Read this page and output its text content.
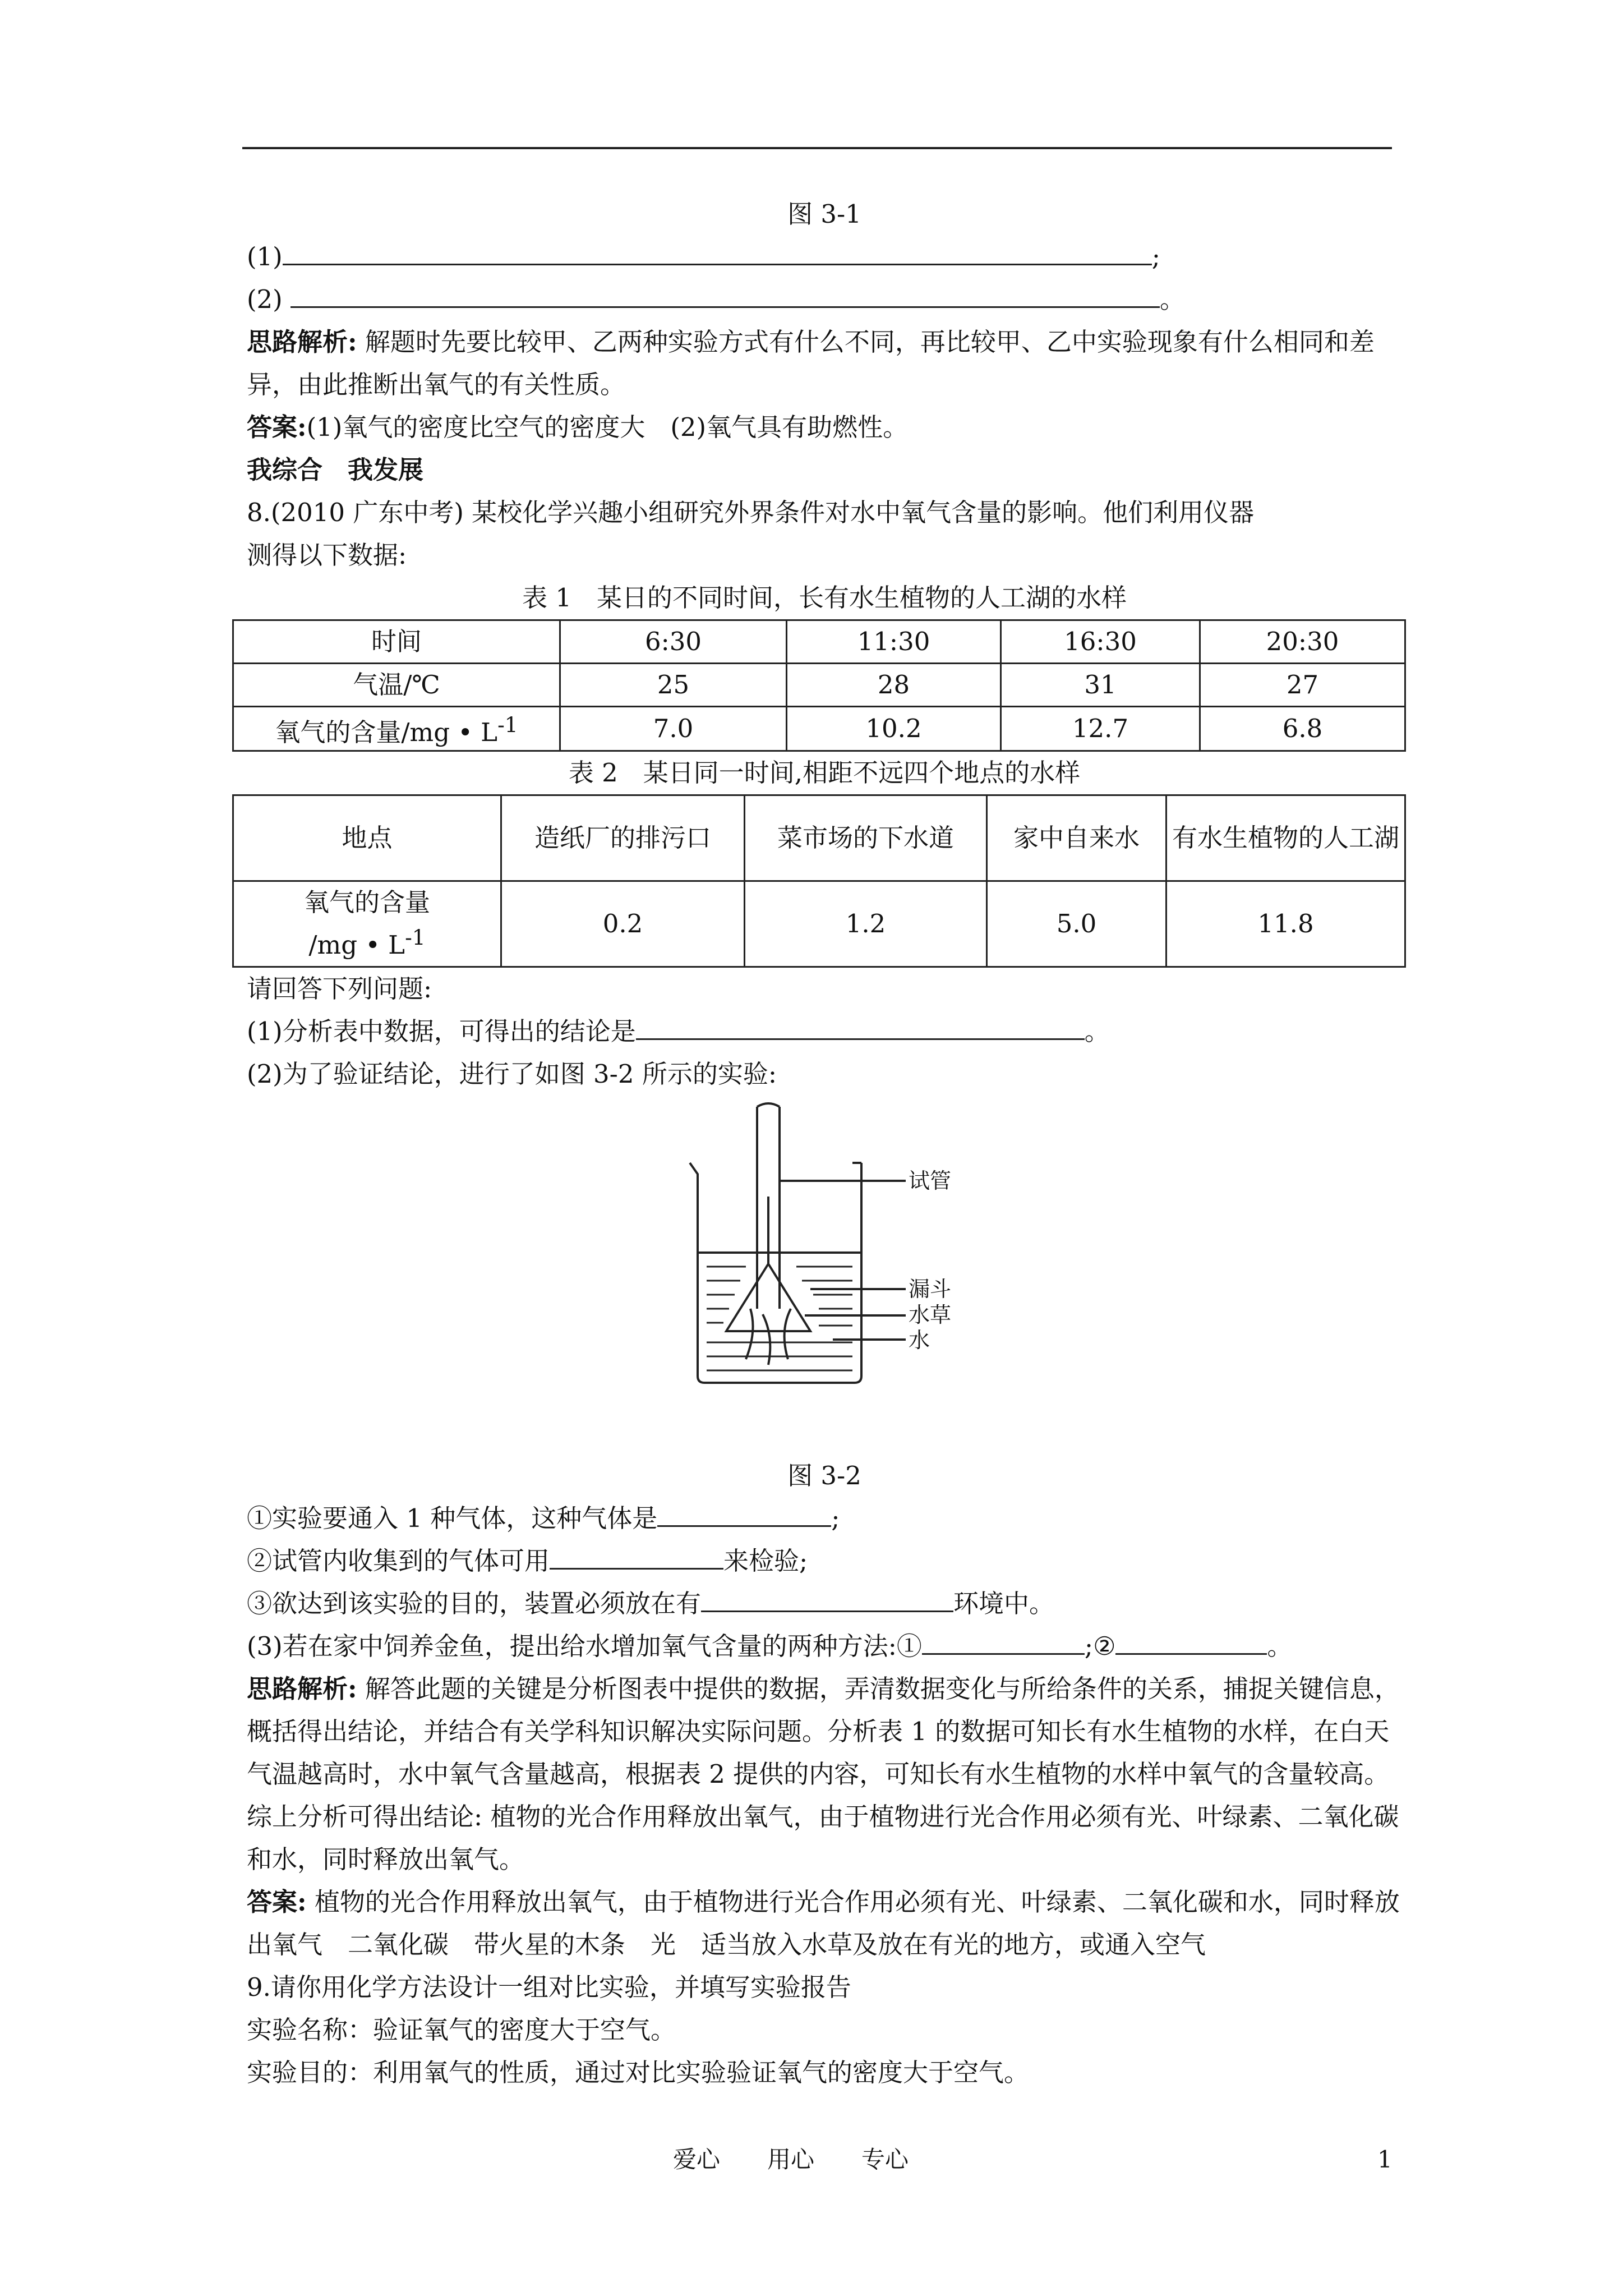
图 3-1
(1)	;
(2)	。
思路解析: 解题时先要比较甲、乙两种实验方式有什么不同，再比较甲、乙中实验现象有什么相同和差异，由此推断出氧气的有关性质。
答案:(1)氧气的密度比空气的密度大　(2)氧气具有助燃性。
我综合　我发展
8.(2010 广东中考) 某校化学兴趣小组研究外界条件对水中氧气含量的影响。他们利用仪器
测得以下数据:
表 1　某日的不同时间，长有水生植物的人工湖的水样
时间	6:30	11:30	16:30	20:30
气温/℃	25	28	31	27
氧气的含量/mg • $L^{-1}$	7.0	10.2	12.7	6.8
表 2　某日同一时间,相距不远四个地点的水样
地点	造纸厂的排污口	菜市场的下水道	家中自来水	有水生植物的人工湖
氧气的含量
/mg • $L^{-1}$	0.2	1.2	5.0	11.8
请回答下列问题:
(1)分析表中数据，可得出的结论是	。
(2)为了验证结论，进行了如图 3-2 所示的实验:
试管
漏斗
水草
水
图 3-2
①实验要通入 1 种气体，这种气体是	;
②试管内收集到的气体可用	来检验;
③欲达到该实验的目的，装置必须放在有	环境中。
(3)若在家中饲养金鱼，提出给水增加氧气含量的两种方法:①	;②	。
思路解析: 解答此题的关键是分析图表中提供的数据，弄清数据变化与所给条件的关系，捕捉关键信息，概括得出结论，并结合有关学科知识解决实际问题。分析表 1 的数据可知长有水生植物的水样，在白天气温越高时，水中氧气含量越高，根据表 2 提供的内容，可知长有水生植物的水样中氧气的含量较高。综上分析可得出结论: 植物的光合作用释放出氧气，由于植物进行光合作用必须有光、叶绿素、二氧化碳和水，同时释放出氧气。
答案: 植物的光合作用释放出氧气，由于植物进行光合作用必须有光、叶绿素、二氧化碳和水，同时释放出氧气　二氧化碳　带火星的木条　光　适当放入水草及放在有光的地方，或通入空气
9.请你用化学方法设计一组对比实验，并填写实验报告
实验名称：验证氧气的密度大于空气。
实验目的：利用氧气的性质，通过对比实验验证氧气的密度大于空气。
爱心　　用心　　专心	1
